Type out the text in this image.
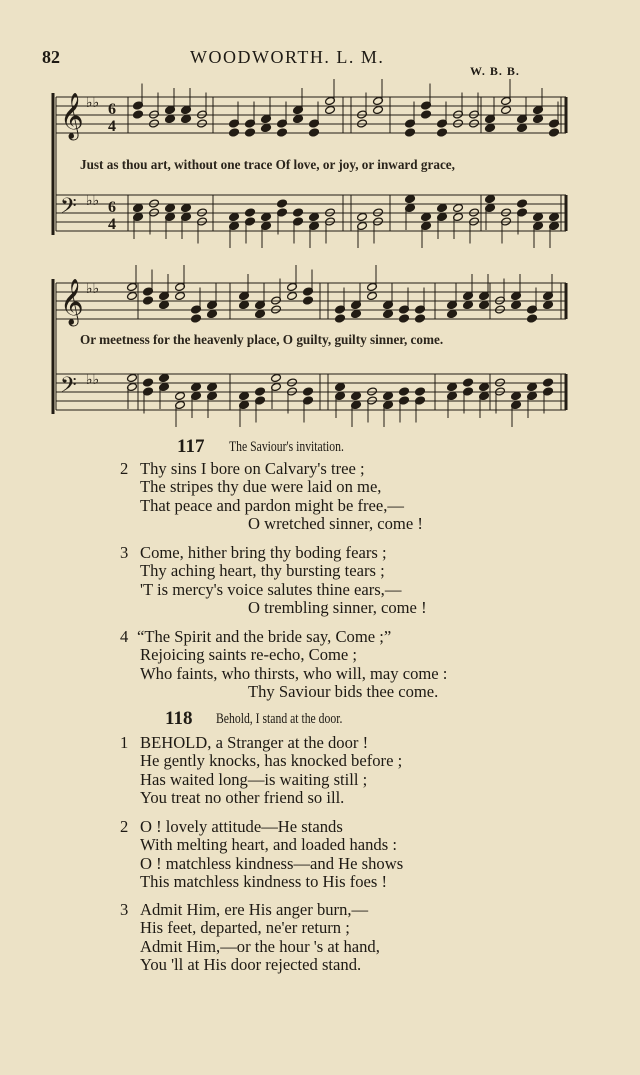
82	WOODWORTH. L. M.
W. B. B.
𝄞 ♭♭ 6
4
𝄢 ♭♭ 6
4
𝄞 ♭♭
𝄢 ♭♭
Just as thou art, without one trace Of love, or joy, or inward grace,
Or meetness for the heavenly place, O guilty, guilty sinner, come.
117 The Saviour's invitation.
2 Thy sins I bore on Calvary's tree ;
The stripes thy due were laid on me,
That peace and pardon might be free,—
O wretched sinner, come !
3 Come, hither bring thy boding fears ;
Thy aching heart, thy bursting tears ;
'T is mercy's voice salutes thine ears,—
O trembling sinner, come !
4 “The Spirit and the bride say, Come ;”
Rejoicing saints re-echo, Come ;
Who faints, who thirsts, who will, may come :
Thy Saviour bids thee come.
118 Behold, I stand at the door.
1 BEHOLD, a Stranger at the door !
He gently knocks, has knocked before ;
Has waited long—is waiting still ;
You treat no other friend so ill.
2 O ! lovely attitude—He stands
With melting heart, and loaded hands :
O ! matchless kindness—and He shows
This matchless kindness to His foes !
3 Admit Him, ere His anger burn,—
His feet, departed, ne'er return ;
Admit Him,—or the hour 's at hand,
You 'll at His door rejected stand.
